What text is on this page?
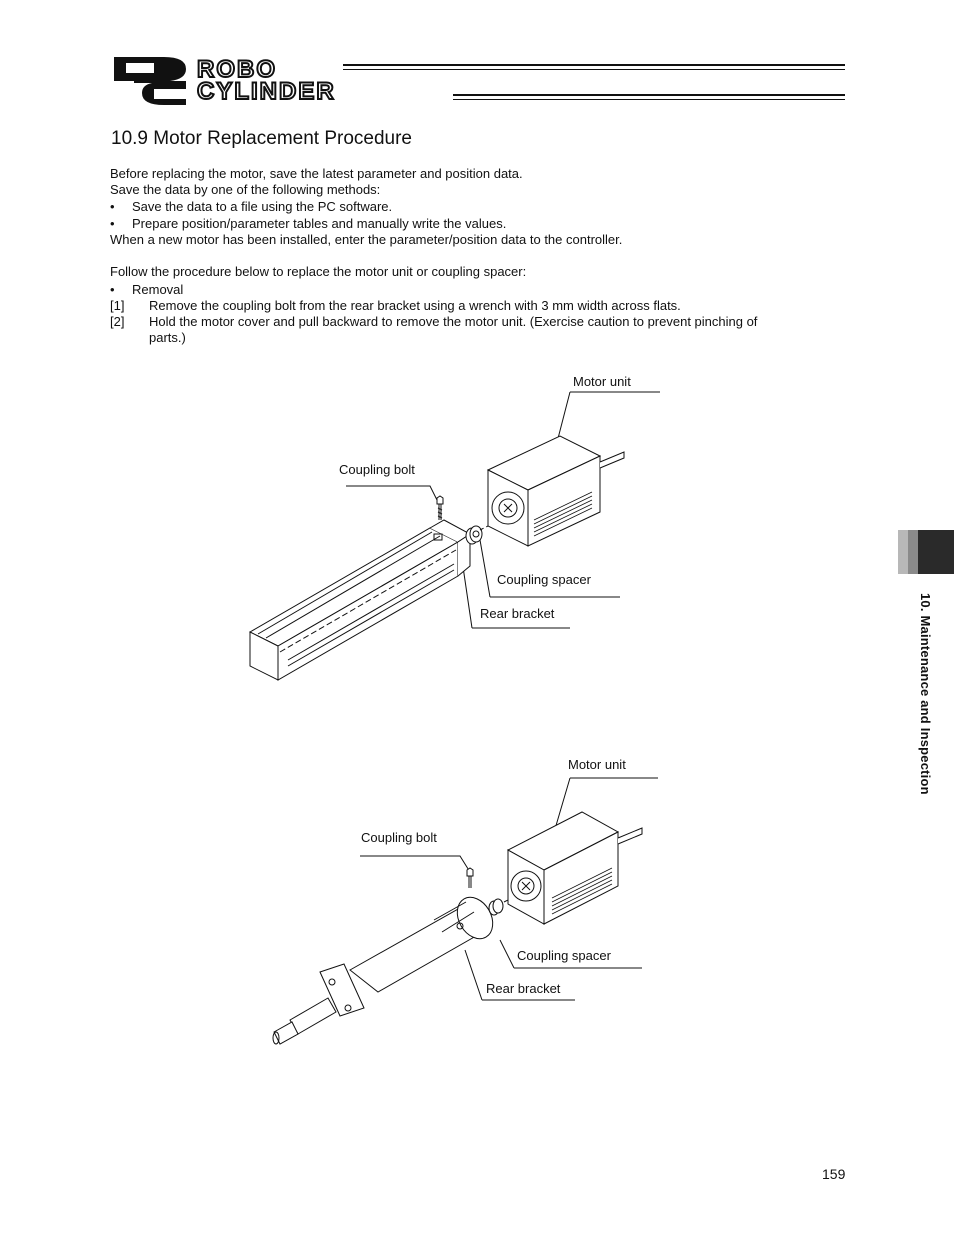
ROBO
CYLINDER
10.9 Motor Replacement Procedure
Before replacing the motor, save the latest parameter and position data.
Save the data by one of the following methods:
• Save the data to a file using the PC software.
• Prepare position/parameter tables and manually write the values.
When a new motor has been installed, enter the parameter/position data to the controller.
Follow the procedure below to replace the motor unit or coupling spacer:
• Removal
[1] Remove the coupling bolt from the rear bracket using a wrench with 3 mm width across flats.
[2] Hold the motor cover and pull backward to remove the motor unit. (Exercise caution to prevent pinching of
parts.)
Motor unit
Coupling bolt
Coupling spacer
Rear bracket
Motor unit
Coupling bolt
Coupling spacer
Rear bracket
10. Maintenance and Inspection
159
